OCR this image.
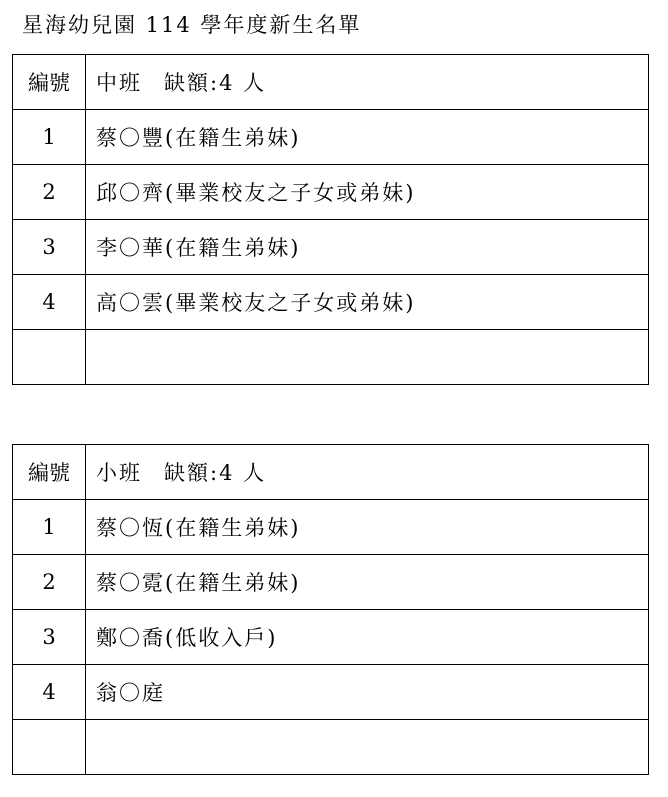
星海幼兒園 114 學年度新生名單
編號	中班 缺額:4 人
1	蔡〇豐(在籍生弟妹)
2	邱〇齊(畢業校友之子女或弟妹)
3	李〇華(在籍生弟妹)
4	高〇雲(畢業校友之子女或弟妹)

編號	小班 缺額:4 人
1	蔡〇恆(在籍生弟妹)
2	蔡〇霓(在籍生弟妹)
3	鄭〇喬(低收入戶)
4	翁〇庭
